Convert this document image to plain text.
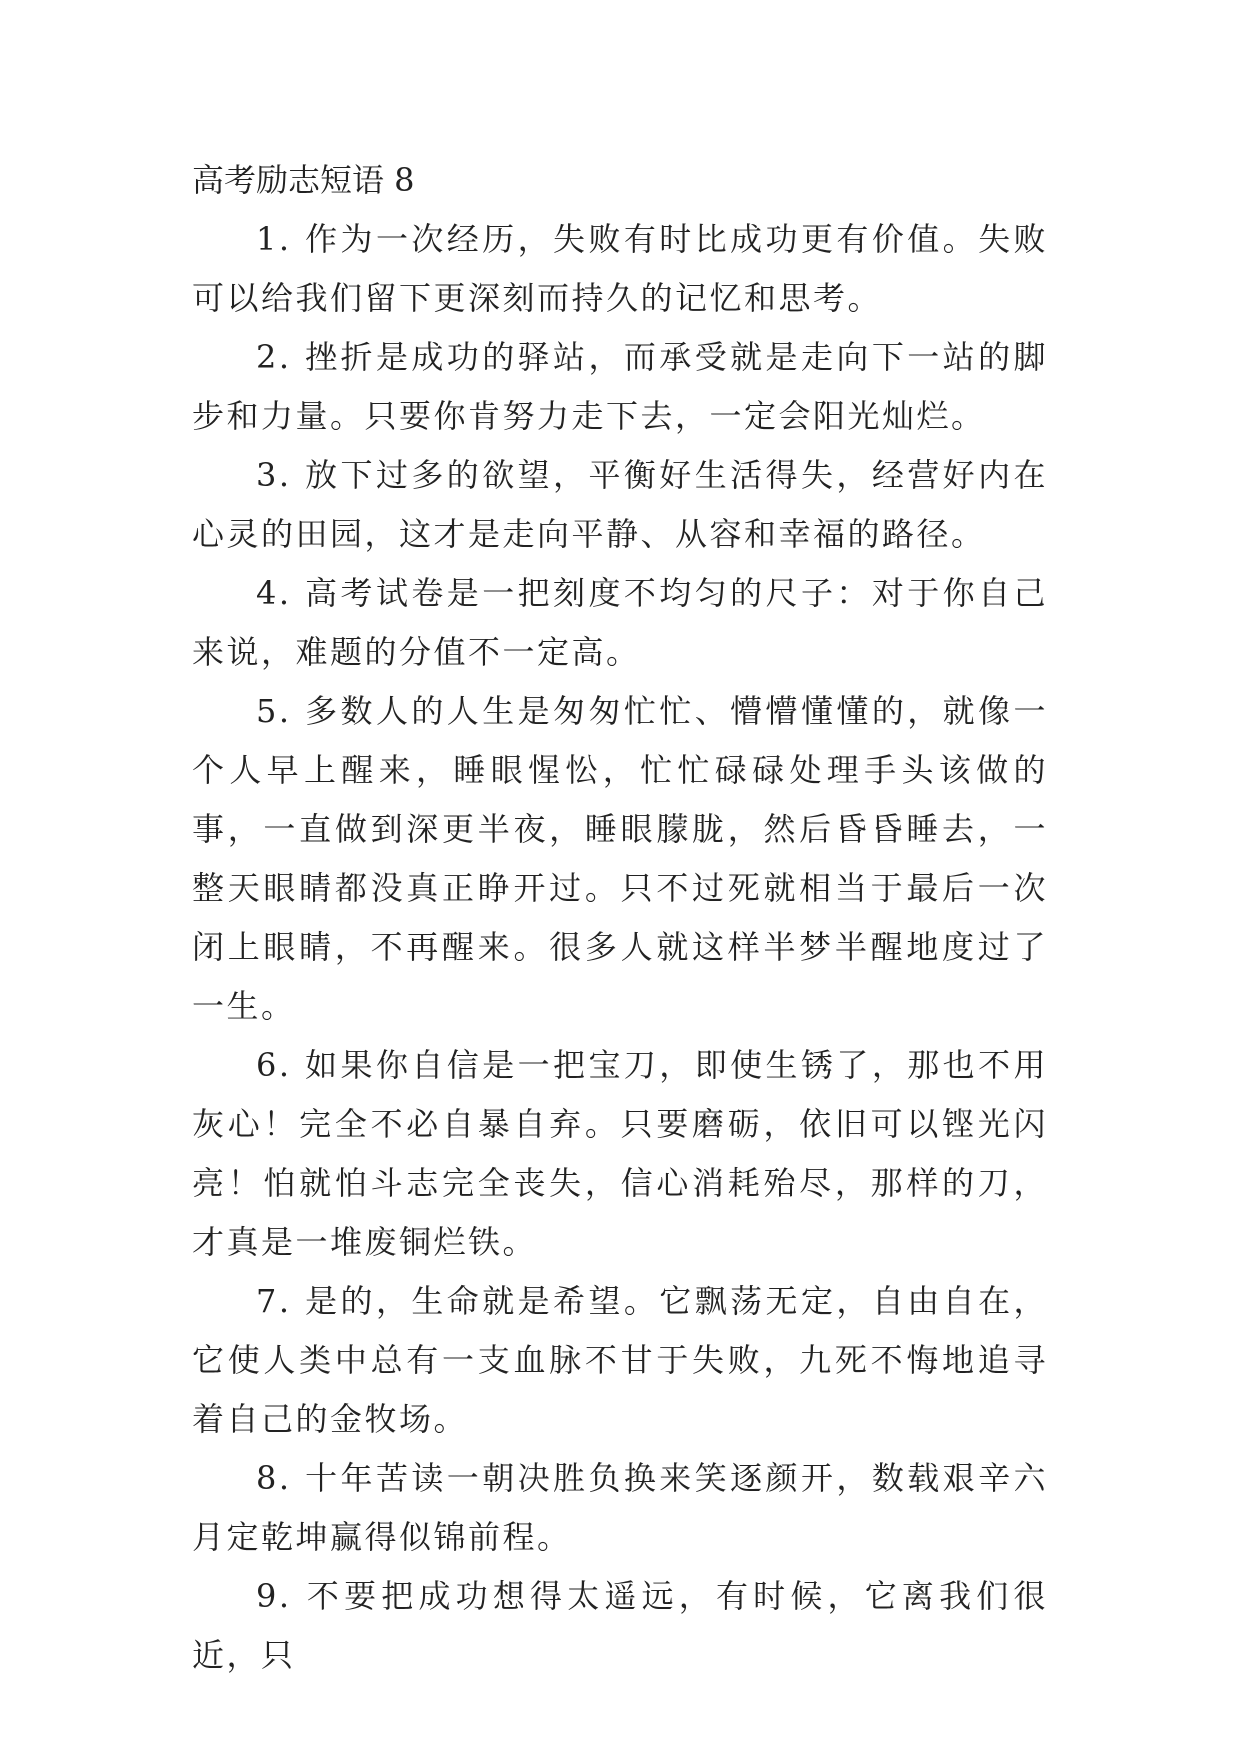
高考励志短语 8

1. 作为一次经历，失败有时比成功更有价值。失败可以给我们留下更深刻而持久的记忆和思考。

2. 挫折是成功的驿站，而承受就是走向下一站的脚步和力量。只要你肯努力走下去，一定会阳光灿烂。

3. 放下过多的欲望，平衡好生活得失，经营好内在心灵的田园，这才是走向平静、从容和幸福的路径。

4. 高考试卷是一把刻度不均匀的尺子：对于你自己来说，难题的分值不一定高。

5. 多数人的人生是匆匆忙忙、懵懵懂懂的，就像一个人早上醒来，睡眼惺忪，忙忙碌碌处理手头该做的事，一直做到深更半夜，睡眼朦胧，然后昏昏睡去，一整天眼睛都没真正睁开过。只不过死就相当于最后一次闭上眼睛，不再醒来。很多人就这样半梦半醒地度过了一生。

6. 如果你自信是一把宝刀，即使生锈了，那也不用灰心！完全不必自暴自弃。只要磨砺，依旧可以铿光闪亮！怕就怕斗志完全丧失，信心消耗殆尽，那样的刀，才真是一堆废铜烂铁。

7. 是的，生命就是希望。它飘荡无定，自由自在，它使人类中总有一支血脉不甘于失败，九死不悔地追寻着自己的金牧场。

8. 十年苦读一朝决胜负换来笑逐颜开，数载艰辛六月定乾坤赢得似锦前程。

9. 不要把成功想得太遥远，有时候，它离我们很近，只
